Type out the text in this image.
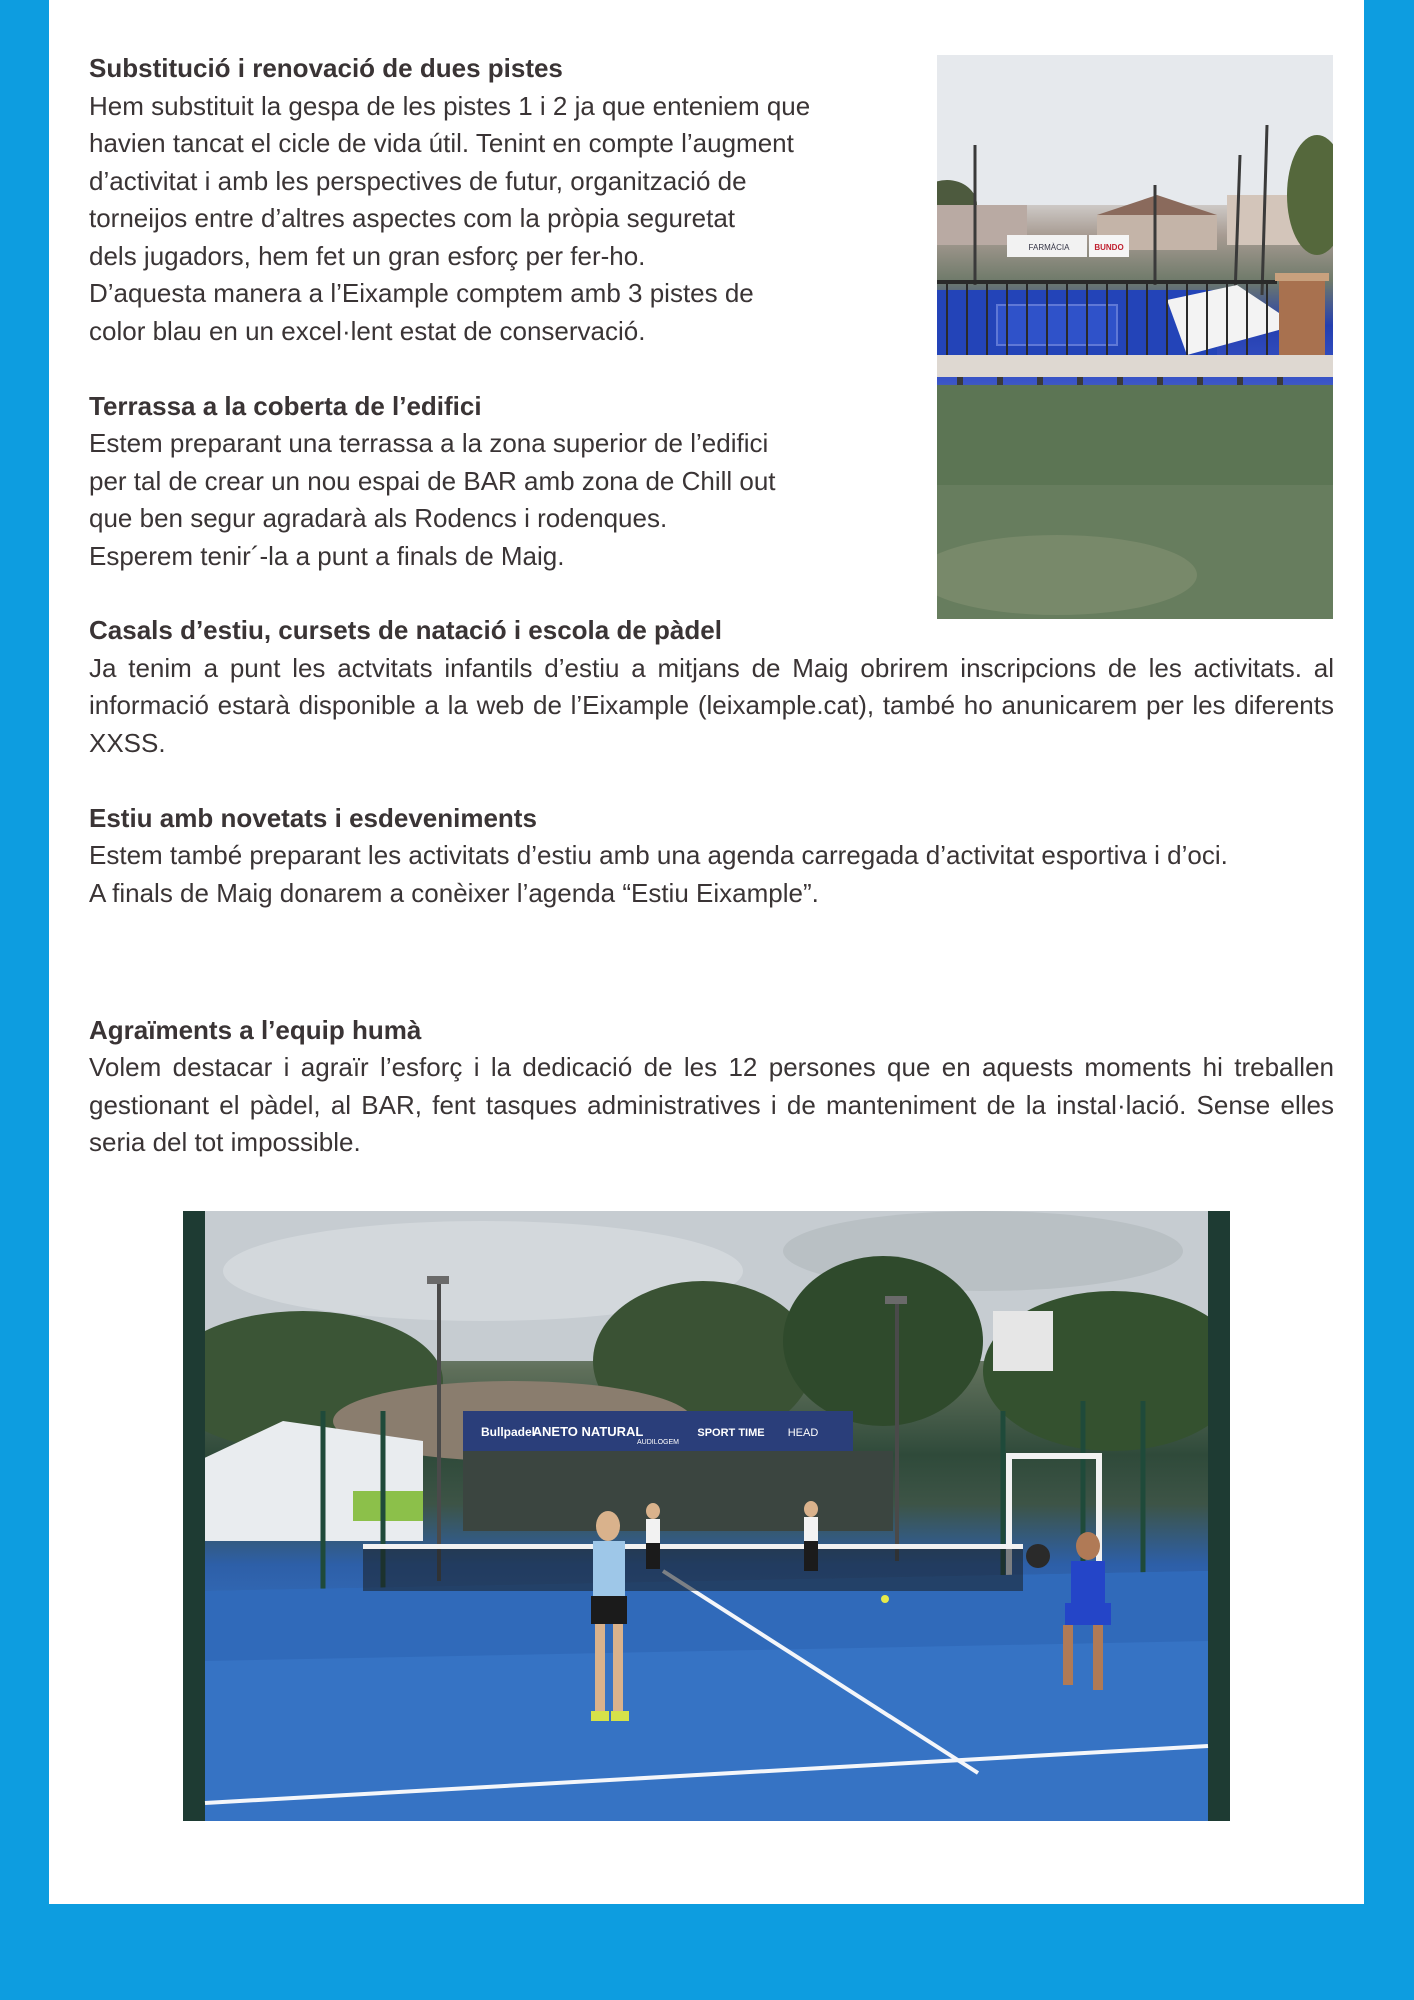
Substitució i renovació de dues pistes

Hem substituit la gespa de les pistes 1 i 2 ja que enteniem que
havien tancat el cicle de vida útil. Tenint en compte l’augment
d’activitat i amb les perspectives de futur, organització de
torneijos entre d’altres aspectes com la pròpia seguretat
dels jugadors, hem fet un gran esforç per fer-ho.
D’aquesta manera a l’Eixample comptem amb 3 pistes de
color blau en un excel·lent estat de conservació.

Terrassa a la coberta de l’edifici

Estem preparant una terrassa a la zona superior de l’edifici
per tal de crear un nou espai de BAR amb zona de Chill out
que ben segur agradarà als Rodencs i rodenques.
Esperem tenir´-la a punt a finals de Maig.

FARMÀCIA	BUNDO

Casals d’estiu, cursets de natació i escola de pàdel

Ja tenim a punt les actvitats infantils d’estiu a mitjans de Maig obrirem inscripcions de les activitats. al informació estarà disponible a la web de l’Eixample (leixample.cat), també ho anunicarem per les diferents XXSS.

Estiu amb novetats i esdeveniments

Estem també preparant les activitats d’estiu amb una agenda carregada d’activitat esportiva i d’oci.

A finals de Maig donarem a conèixer l’agenda “Estiu Eixample”.

Agraïments a l’equip humà

Volem destacar i agraïr l’esforç i la dedicació de les 12 persones que en aquests moments hi treballen gestionant el pàdel, al BAR, fent tasques administratives i de manteniment de la instal·lació. Sense elles seria del tot impossible.

Bullpadel
ANETO NATURAL
AUDILOGEM
SPORT TIME HEAD
